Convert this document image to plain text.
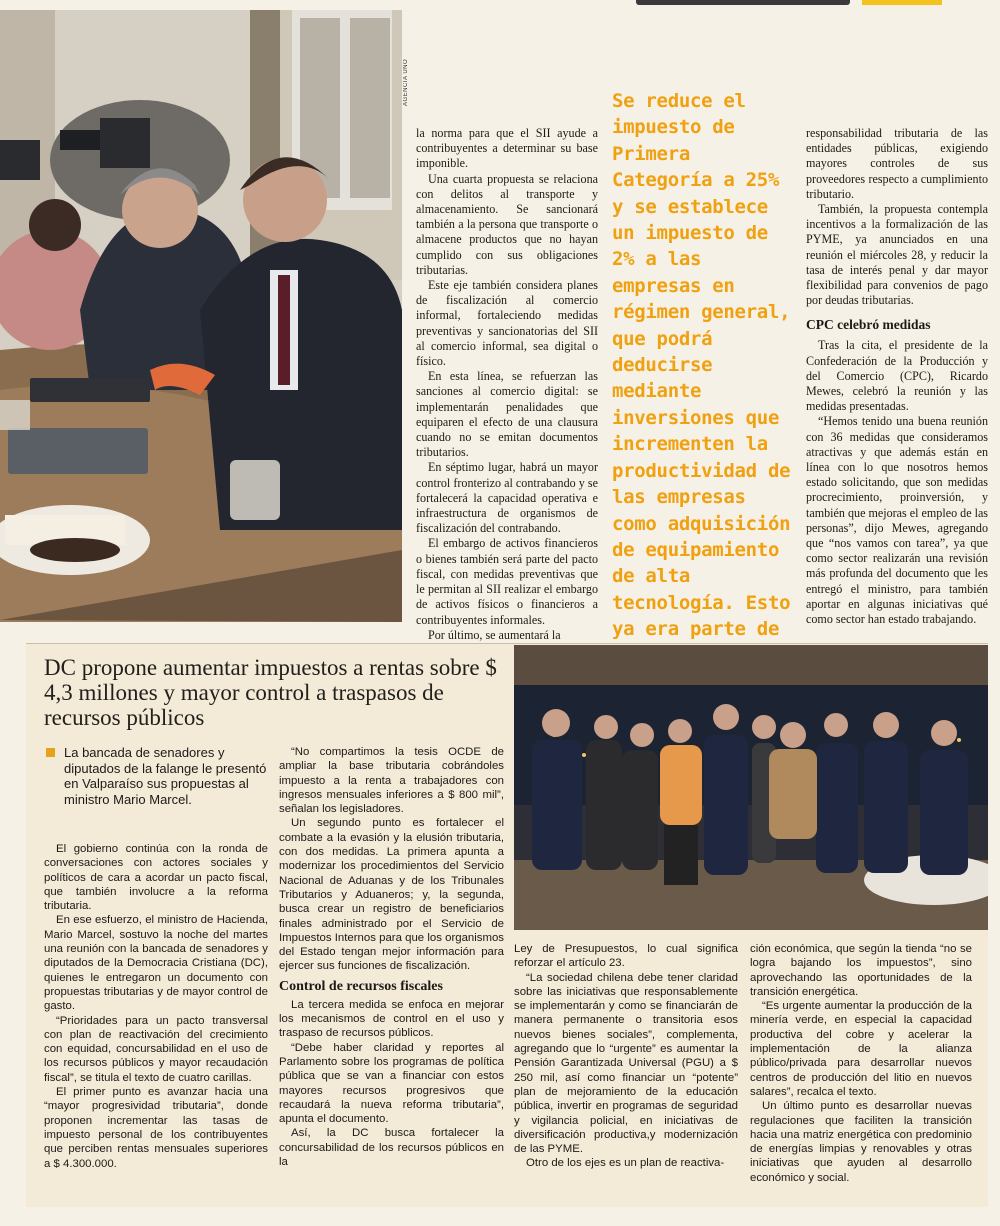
AGENCIA UNO

la norma para que el SII ayude a contribuyentes a determinar su base imponible.

Una cuarta propuesta se relaciona con delitos al transporte y almacenamiento. Se sancionará también a la persona que transporte o almacene productos que no hayan cumplido con sus obligaciones tributarias.

Este eje también considera planes de fiscalización al comercio informal, fortaleciendo medidas preventivas y sancionatorias del SII al comercio informal, sea digital o físico.

En esta línea, se refuerzan las sanciones al comercio digital: se implementarán penalidades que equiparen el efecto de una clausura cuando no se emitan documentos tributarios.

En séptimo lugar, habrá un mayor control fronterizo al contrabando y se fortalecerá la capacidad operativa e infraestructura de organismos de fiscalización del contrabando.

El embargo de activos financieros o bienes también será parte del pacto fiscal, con medidas preventivas que le permitan al SII realizar el embargo de activos físicos o financieros a contribuyentes informales.

Por último, se aumentará la

Se reduce el impuesto de Primera Categoría a 25% y se establece un impuesto de 2% a las empresas en régimen general, que podrá deducirse mediante inversiones que incrementen la productividad de las empresas como adquisición de equipamiento de alta tecnología. Esto ya era parte de

responsabilidad tributaria de las entidades públicas, exigiendo mayores controles de sus proveedores respecto a cumplimiento tributario.

También, la propuesta contempla incentivos a la formalización de las PYME, ya anunciados en una reunión el miércoles 28, y reducir la tasa de interés penal y dar mayor flexibilidad para convenios de pago por deudas tributarias.

CPC celebró medidas

Tras la cita, el presidente de la Confederación de la Producción y del Comercio (CPC), Ricardo Mewes, celebró la reunión y las medidas presentadas.

“Hemos tenido una buena reunión con 36 medidas que consideramos atractivas y que además están en línea con lo que nosotros hemos estado solicitando, que son medidas procrecimiento, proinversión, y también que mejoras el empleo de las personas”, dijo Mewes, agregando que “nos vamos con tarea”, ya que como sector realizarán una revisión más profunda del documento que les entregó el ministro, para también aportar en algunas iniciativas qué como sector han estado trabajando.

DC propone aumentar impuestos a rentas sobre $ 4,3 millones y mayor control a traspasos de recursos públicos
La bancada de senadores y diputados de la falange le presentó en Valparaíso sus propuestas al ministro Mario Marcel.

El gobierno continúa con la ronda de conversaciones con actores sociales y políticos de cara a acordar un pacto fiscal, que también involucre a la reforma tributaria.

En ese esfuerzo, el ministro de Hacienda, Mario Marcel, sostuvo la noche del martes una reunión con la bancada de senadores y diputados de la Democracia Cristiana (DC), quienes le entregaron un documento con propuestas tributarias y de mayor control de gasto.

“Prioridades para un pacto transversal con plan de reactivación del crecimiento con equidad, concursabilidad en el uso de los recursos públicos y mayor recaudación fiscal”, se titula el texto de cuatro carillas.

El primer punto es avanzar hacia una “mayor progresividad tributaria”, donde proponen incrementar las tasas de impuesto personal de los contribuyentes que perciben rentas mensuales superiores a $ 4.300.000.

“No compartimos la tesis OCDE de ampliar la base tributaria cobrándoles impuesto a la renta a trabajadores con ingresos mensuales inferiores a $ 800 mil”, señalan los legisladores.

Un segundo punto es fortalecer el combate a la evasión y la elusión tributaria, con dos medidas. La primera apunta a modernizar los procedimientos del Servicio Nacional de Aduanas y de los Tribunales Tributarios y Aduaneros; y, la segunda, busca crear un registro de beneficiarios finales administrado por el Servicio de Impuestos Internos para que los organismos del Estado tengan mejor información para ejercer sus funciones de fiscalización.

Control de recursos fiscales

La tercera medida se enfoca en mejorar los mecanismos de control en el uso y traspaso de recursos públicos.

“Debe haber claridad y reportes al Parlamento sobre los programas de política pública que se van a financiar con estos mayores recursos progresivos que recaudará la nueva reforma tributaria”, apunta el documento.

Así, la DC busca fortalecer la concursabilidad de los recursos públicos en la

Ley de Presupuestos, lo cual significa reforzar el artículo 23.

“La sociedad chilena debe tener claridad sobre las iniciativas que responsablemente se implementarán y como se financiarán de manera permanente o transitoria esos nuevos bienes sociales”, complementa, agregando que lo “urgente” es aumentar la Pensión Garantizada Universal (PGU) a $ 250 mil, así como financiar un “potente” plan de mejoramiento de la educación pública, invertir en programas de seguridad y vigilancia policial, en iniciativas de diversificación productiva,y modernización de las PYME.

Otro de los ejes es un plan de reactiva-

ción económica, que según la tienda “no se logra bajando los impuestos”, sino aprovechando las oportunidades de la transición energética.

“Es urgente aumentar la producción de la minería verde, en especial la capacidad productiva del cobre y acelerar la implementación de la alianza público/privada para desarrollar nuevos centros de producción del litio en nuevos salares”, recalca el texto.

Un último punto es desarrollar nuevas regulaciones que faciliten la transición hacia una matriz energética con predominio de energías limpias y renovables y otras iniciativas que ayuden al desarrollo económico y social.
